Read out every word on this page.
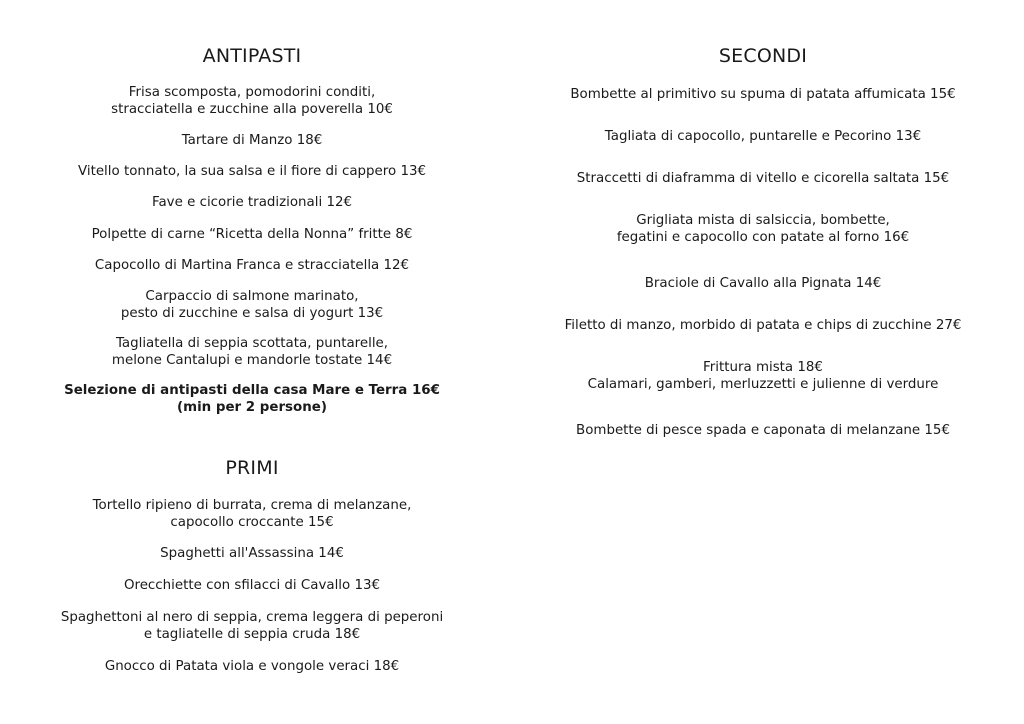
ANTIPASTI

Frisa scomposta, pomodorini conditi,
stracciatella e zucchine alla poverella 10€

Tartare di Manzo 18€

Vitello tonnato, la sua salsa e il fiore di cappero 13€

Fave e cicorie tradizionali 12€

Polpette di carne “Ricetta della Nonna” fritte 8€

Capocollo di Martina Franca e stracciatella 12€

Carpaccio di salmone marinato,
pesto di zucchine e salsa di yogurt 13€

Tagliatella di seppia scottata, puntarelle,
melone Cantalupi e mandorle tostate 14€

Selezione di antipasti della casa Mare e Terra 16€
(min per 2 persone)

PRIMI

Tortello ripieno di burrata, crema di melanzane,
capocollo croccante 15€

Spaghetti all'Assassina 14€

Orecchiette con sfilacci di Cavallo 13€

Spaghettoni al nero di seppia, crema leggera di peperoni
e tagliatelle di seppia cruda 18€

Gnocco di Patata viola e vongole veraci 18€

SECONDI

Bombette al primitivo su spuma di patata affumicata 15€

Tagliata di capocollo, puntarelle e Pecorino 13€

Straccetti di diaframma di vitello e cicorella saltata 15€

Grigliata mista di salsiccia, bombette,
fegatini e capocollo con patate al forno 16€

Braciole di Cavallo alla Pignata 14€

Filetto di manzo, morbido di patata e chips di zucchine 27€

Frittura mista 18€
Calamari, gamberi, merluzzetti e julienne di verdure

Bombette di pesce spada e caponata di melanzane 15€
